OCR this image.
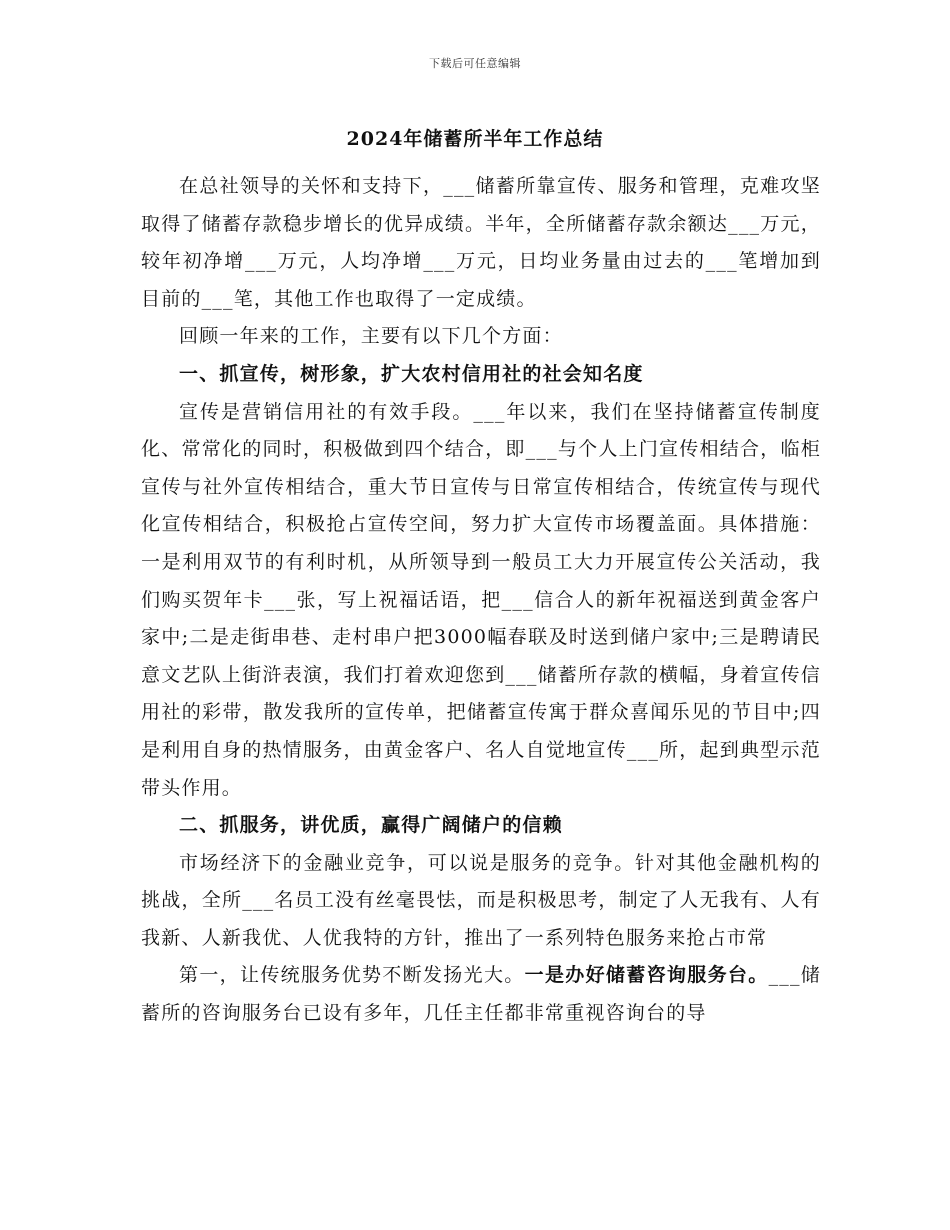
下载后可任意编辑
2024年储蓄所半年工作总结

在总社领导的关怀和支持下，___储蓄所靠宣传、服务和管理，克难攻坚取得了储蓄存款稳步增长的优异成绩。半年，全所储蓄存款余额达___万元，较年初净增___万元，人均净增___万元，日均业务量由过去的___笔增加到目前的___笔，其他工作也取得了一定成绩。

回顾一年来的工作，主要有以下几个方面：

一、抓宣传，树形象，扩大农村信用社的社会知名度

宣传是营销信用社的有效手段。___年以来，我们在坚持储蓄宣传制度化、常常化的同时，积极做到四个结合，即___与个人上门宣传相结合，临柜宣传与社外宣传相结合，重大节日宣传与日常宣传相结合，传统宣传与现代化宣传相结合，积极抢占宣传空间，努力扩大宣传市场覆盖面。具体措施：一是利用双节的有利时机，从所领导到一般员工大力开展宣传公关活动，我们购买贺年卡___张，写上祝福话语，把___信合人的新年祝福送到黄金客户家中;二是走街串巷、走村串户把3000幅春联及时送到储户家中;三是聘请民意文艺队上街浒表演，我们打着欢迎您到___储蓄所存款的横幅，身着宣传信用社的彩带，散发我所的宣传单，把储蓄宣传寓于群众喜闻乐见的节目中;四是利用自身的热情服务，由黄金客户、名人自觉地宣传___所，起到典型示范带头作用。

二、抓服务，讲优质，赢得广阔储户的信赖

市场经济下的金融业竞争，可以说是服务的竞争。针对其他金融机构的挑战，全所___名员工没有丝毫畏怯，而是积极思考，制定了人无我有、人有我新、人新我优、人优我特的方针，推出了一系列特色服务来抢占市常

第一，让传统服务优势不断发扬光大。一是办好储蓄咨询服务台。___储蓄所的咨询服务台已设有多年，几任主任都非常重视咨询台的导
